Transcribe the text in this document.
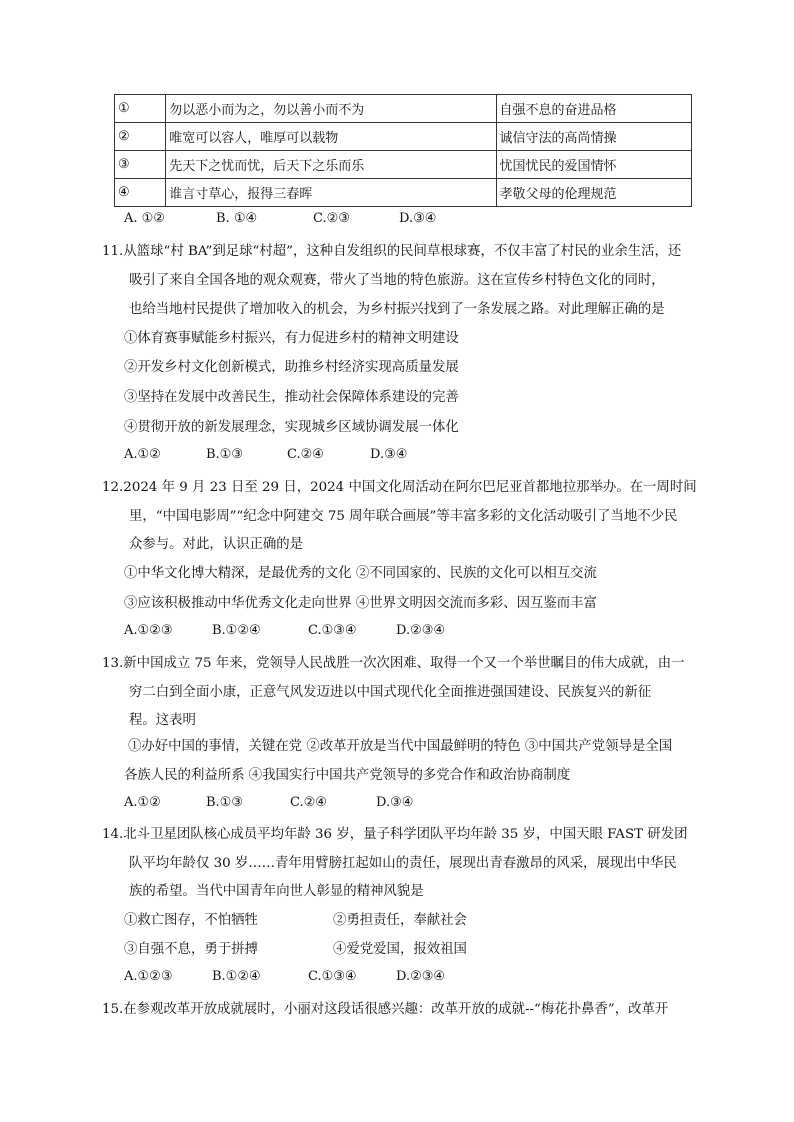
①	勿以恶小而为之，勿以善小而不为	自强不息的奋进品格
②	唯宽可以容人，唯厚可以载物	诚信守法的高尚情操
③	先天下之忧而忧，后天下之乐而乐	忧国忧民的爱国情怀
④	谁言寸草心，报得三春晖	孝敬父母的伦理规范
A. ①②	B. ①④	C.②③	D.③④
11.从篮球“村 BA”到足球“村超”，这种自发组织的民间草根球赛，不仅丰富了村民的业余生活，还
吸引了来自全国各地的观众观赛，带火了当地的特色旅游。这在宣传乡村特色文化的同时，
也给当地村民提供了增加收入的机会，为乡村振兴找到了一条发展之路。对此理解正确的是
①体育赛事赋能乡村振兴，有力促进乡村的精神文明建设
②开发乡村文化创新模式，助推乡村经济实现高质量发展
③坚持在发展中改善民生，推动社会保障体系建设的完善
④贯彻开放的新发展理念，实现城乡区域协调发展一体化
A.①②	B.①③	C.②④	D.③④
12.2024 年 9 月 23 日至 29 日，2024 中国文化周活动在阿尔巴尼亚首都地拉那举办。在一周时间
里，“中国电影周”“纪念中阿建交 75 周年联合画展”等丰富多彩的文化活动吸引了当地不少民
众参与。对此，认识正确的是
①中华文化博大精深，是最优秀的文化 ②不同国家的、民族的文化可以相互交流
③应该积极推动中华优秀文化走向世界 ④世界文明因交流而多彩、因互鉴而丰富
A.①②③	B.①②④	C.①③④	D.②③④
13.新中国成立 75 年来，党领导人民战胜一次次困难、取得一个又一个举世瞩目的伟大成就，由一
穷二白到全面小康，正意气风发迈进以中国式现代化全面推进强国建设、民族复兴的新征
程。这表明
①办好中国的事情，关键在党 ②改革开放是当代中国最鲜明的特色 ③中国共产党领导是全国
各族人民的利益所系 ④我国实行中国共产党领导的多党合作和政治协商制度
A.①②	B.①③	C.②④	D.③④
14.北斗卫星团队核心成员平均年龄 36 岁，量子科学团队平均年龄 35 岁，中国天眼 FAST 研发团
队平均年龄仅 30 岁……青年用臂膀扛起如山的责任，展现出青春激昂的风采，展现出中华民
族的希望。当代中国青年向世人彰显的精神风貌是
①救亡图存，不怕牺牲	②勇担责任，奉献社会
③自强不息，勇于拼搏	④爱党爱国，报效祖国
A.①②③	B.①②④	C.①③④	D.②③④
15.在参观改革开放成就展时，小丽对这段话很感兴趣：改革开放的成就--“梅花扑鼻香”，改革开
